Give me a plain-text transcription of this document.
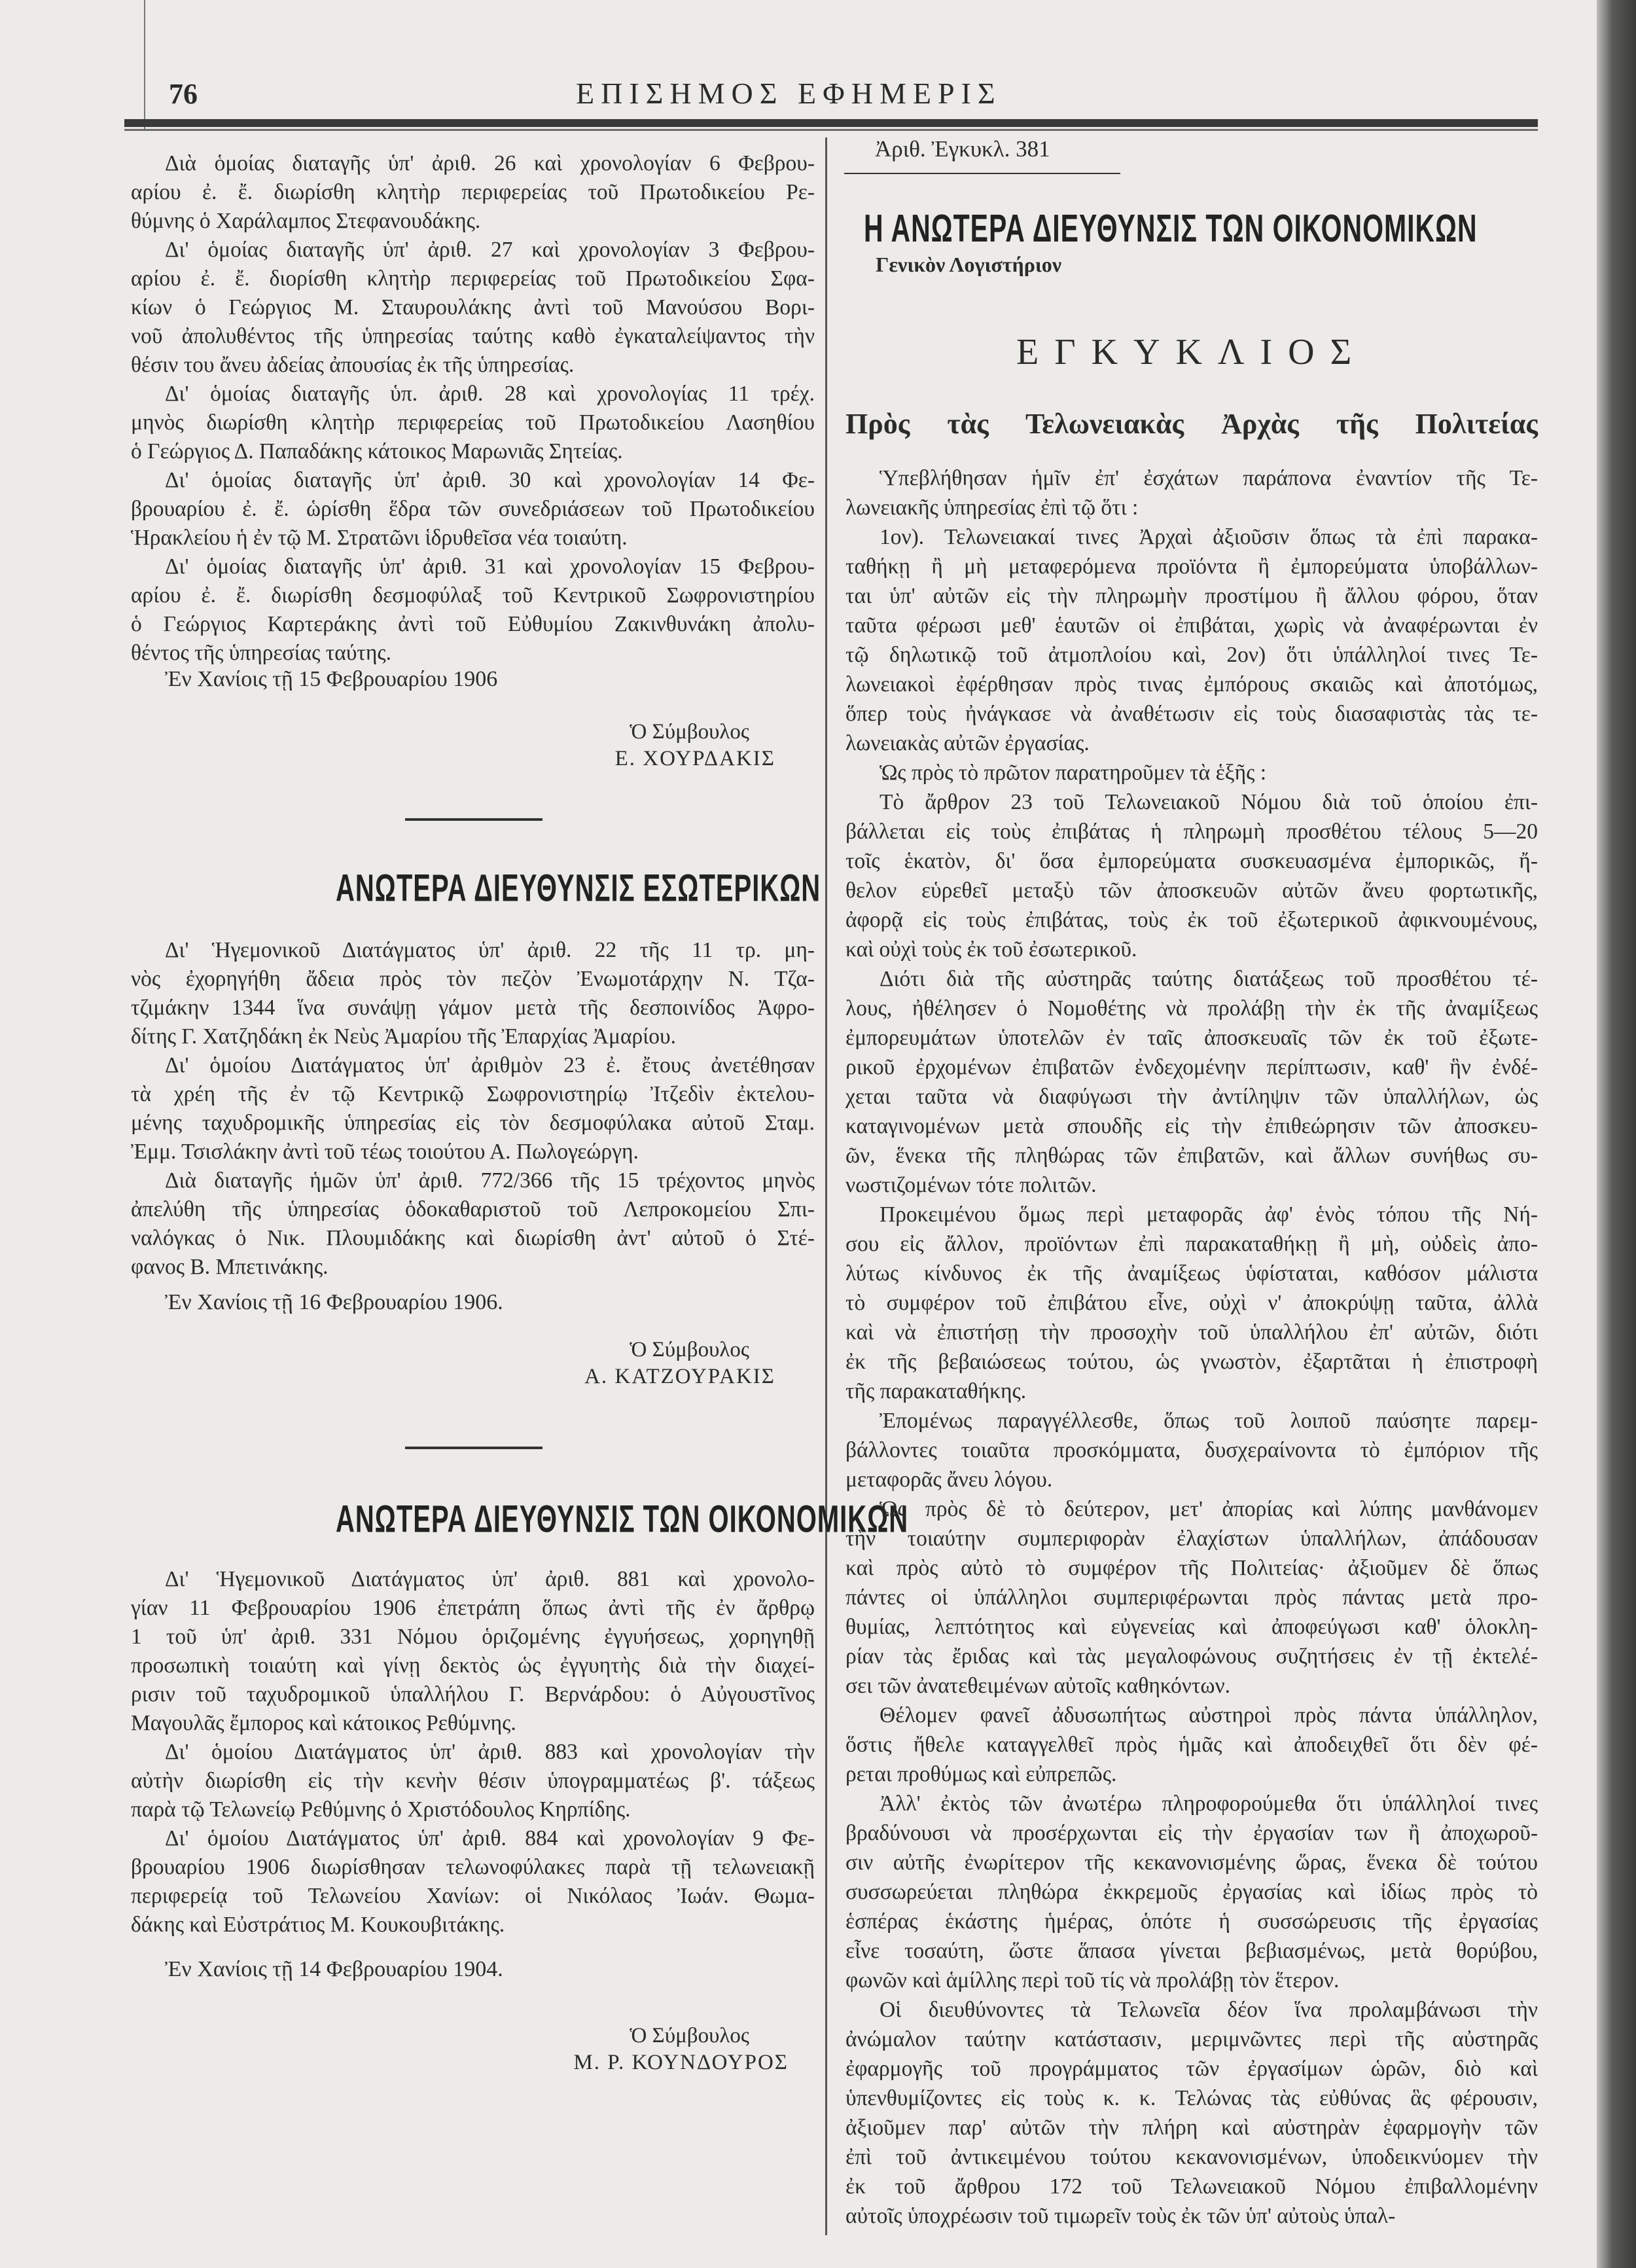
76	ΕΠΙΣΗΜΟΣ ΕΦΗΜΕΡΙΣ
Διὰ ὁμοίας διαταγῆς ὑπ' ἀριθ. 26 καὶ χρονολογίαν 6 Φεβρου-
αρίου ἐ. ἔ. διωρίσθη κλητὴρ περιφερείας τοῦ Πρωτοδικείου Ρε-
θύμνης ὁ Χαράλαμπος Στεφανουδάκης.
Δι' ὁμοίας διαταγῆς ὑπ' ἀριθ. 27 καὶ χρονολογίαν 3 Φεβρου-
αρίου ἐ. ἔ. διορίσθη κλητὴρ περιφερείας τοῦ Πρωτοδικείου Σφα-
κίων ὁ Γεώργιος Μ. Σταυρουλάκης ἀντὶ τοῦ Μανούσου Βορι-
νοῦ ἀπολυθέντος τῆς ὑπηρεσίας ταύτης καθὸ ἐγκαταλείψαντος τὴν
θέσιν του ἄνευ ἀδείας ἀπουσίας ἐκ τῆς ὑπηρεσίας.
Δι' ὁμοίας διαταγῆς ὑπ. ἀριθ. 28 καὶ χρονολογίας 11 τρέχ.
μηνὸς διωρίσθη κλητὴρ περιφερείας τοῦ Πρωτοδικείου Λασηθίου
ὁ Γεώργιος Δ. Παπαδάκης κάτοικος Μαρωνιᾶς Σητείας.
Δι' ὁμοίας διαταγῆς ὑπ' ἀριθ. 30 καὶ χρονολογίαν 14 Φε-
βρουαρίου ἐ. ἔ. ὡρίσθη ἕδρα τῶν συνεδριάσεων τοῦ Πρωτοδικείου
Ἡρακλείου ἡ ἐν τῷ Μ. Στρατῶνι ἱδρυθεῖσα νέα τοιαύτη.
Δι' ὁμοίας διαταγῆς ὑπ' ἀριθ. 31 καὶ χρονολογίαν 15 Φεβρου-
αρίου ἐ. ἔ. διωρίσθη δεσμοφύλαξ τοῦ Κεντρικοῦ Σωφρονιστηρίου
ὁ Γεώργιος Καρτεράκης ἀντὶ τοῦ Εὐθυμίου Ζακινθυνάκη ἀπολυ-
θέντος τῆς ὑπηρεσίας ταύτης.
Ἐν Χανίοις τῇ 15 Φεβρουαρίου 1906
Ὁ Σύμβουλος
Ε. ΧΟΥΡΔΑΚΙΣ
ΑΝΩΤΕΡΑ ΔΙΕΥΘΥΝΣΙΣ ΕΣΩΤΕΡΙΚΩΝ
Δι' Ἡγεμονικοῦ Διατάγματος ὑπ' ἀριθ. 22 τῆς 11 τρ. μη-
νὸς ἐχορηγήθη ἄδεια πρὸς τὸν πεζὸν Ἐνωμοτάρχην Ν. Τζα-
τζιμάκην 1344 ἵνα συνάψῃ γάμον μετὰ τῆς δεσποινίδος Ἀφρο-
δίτης Γ. Χατζηδάκη ἐκ Νεὺς Ἀμαρίου τῆς Ἐπαρχίας Ἀμαρίου.
Δι' ὁμοίου Διατάγματος ὑπ' ἀριθμὸν 23 ἐ. ἔτους ἀνετέθησαν
τὰ χρέη τῆς ἐν τῷ Κεντρικῷ Σωφρονιστηρίῳ Ἰτζεδὶν ἐκτελου-
μένης ταχυδρομικῆς ὑπηρεσίας εἰς τὸν δεσμοφύλακα αὐτοῦ Σταμ.
Ἐμμ. Τσισλάκην ἀντὶ τοῦ τέως τοιούτου Α. Πωλογεώργη.
Διὰ διαταγῆς ἡμῶν ὑπ' ἀριθ. 772/366 τῆς 15 τρέχοντος μηνὸς
ἀπελύθη τῆς ὑπηρεσίας ὁδοκαθαριστοῦ τοῦ Λεπροκομείου Σπι-
ναλόγκας ὁ Νικ. Πλουμιδάκης καὶ διωρίσθη ἀντ' αὐτοῦ ὁ Στέ-
φανος Β. Μπετινάκης.
Ἐν Χανίοις τῇ 16 Φεβρουαρίου 1906.
Ὁ Σύμβουλος
Α. ΚΑΤΖΟΥΡΑΚΙΣ
ΑΝΩΤΕΡΑ ΔΙΕΥΘΥΝΣΙΣ ΤΩΝ ΟΙΚΟΝΟΜΙΚΩΝ
Δι' Ἡγεμονικοῦ Διατάγματος ὑπ' ἀριθ. 881 καὶ χρονολο-
γίαν 11 Φεβρουαρίου 1906 ἐπετράπη ὅπως ἀντὶ τῆς ἐν ἄρθρῳ
1 τοῦ ὑπ' ἀριθ. 331 Νόμου ὁριζομένης ἐγγυήσεως, χορηγηθῇ
προσωπικὴ τοιαύτη καὶ γίνῃ δεκτὸς ὡς ἐγγυητὴς διὰ τὴν διαχεί-
ρισιν τοῦ ταχυδρομικοῦ ὑπαλλήλου Γ. Βερνάρδου: ὁ Αὐγουστῖνος
Μαγουλᾶς ἔμπορος καὶ κάτοικος Ρεθύμνης.
Δι' ὁμοίου Διατάγματος ὑπ' ἀριθ. 883 καὶ χρονολογίαν τὴν
αὐτὴν διωρίσθη εἰς τὴν κενὴν θέσιν ὑπογραμματέως β'. τάξεως
παρὰ τῷ Τελωνείῳ Ρεθύμνης ὁ Χριστόδουλος Κηρπίδης.
Δι' ὁμοίου Διατάγματος ὑπ' ἀριθ. 884 καὶ χρονολογίαν 9 Φε-
βρουαρίου 1906 διωρίσθησαν τελωνοφύλακες παρὰ τῇ τελωνειακῇ
περιφερείᾳ τοῦ Τελωνείου Χανίων: οἱ Νικόλαος Ἰωάν. Θωμα-
δάκης καὶ Εὐστράτιος Μ. Κουκουβιτάκης.
Ἐν Χανίοις τῇ 14 Φεβρουαρίου 1904.
Ὁ Σύμβουλος
Μ. Ρ. ΚΟΥΝΔΟΥΡΟΣ
Ἀριθ. Ἐγκυκλ. 381
Η ΑΝΩΤΕΡΑ ΔΙΕΥΘΥΝΣΙΣ ΤΩΝ ΟΙΚΟΝΟΜΙΚΩΝ
Γενικὸν Λογιστήριον
ΕΓΚΥΚΛΙΟΣ
Πρὸς τὰς Τελωνειακὰς Ἀρχὰς τῆς Πολιτείας
Ὑπεβλήθησαν ἡμῖν ἐπ' ἐσχάτων παράπονα ἐναντίον τῆς Τε-
λωνειακῆς ὑπηρεσίας ἐπὶ τῷ ὅτι :
1ον). Τελωνειακαί τινες Ἀρχαὶ ἀξιοῦσιν ὅπως τὰ ἐπὶ παρακα-
ταθήκῃ ἢ μὴ μεταφερόμενα προϊόντα ἢ ἐμπορεύματα ὑποβάλλων-
ται ὑπ' αὐτῶν εἰς τὴν πληρωμὴν προστίμου ἢ ἄλλου φόρου, ὅταν
ταῦτα φέρωσι μεθ' ἑαυτῶν οἱ ἐπιβάται, χωρὶς νὰ ἀναφέρωνται ἐν
τῷ δηλωτικῷ τοῦ ἀτμοπλοίου καὶ, 2ον) ὅτι ὑπάλληλοί τινες Τε-
λωνειακοὶ ἐφέρθησαν πρὸς τινας ἐμπόρους σκαιῶς καὶ ἀποτόμως,
ὅπερ τοὺς ἠνάγκασε νὰ ἀναθέτωσιν εἰς τοὺς διασαφιστὰς τὰς τε-
λωνειακὰς αὐτῶν ἐργασίας.
Ὡς πρὸς τὸ πρῶτον παρατηροῦμεν τὰ ἑξῆς :
Τὸ ἄρθρον 23 τοῦ Τελωνειακοῦ Νόμου διὰ τοῦ ὁποίου ἐπι-
βάλλεται εἰς τοὺς ἐπιβάτας ἡ πληρωμὴ προσθέτου τέλους 5—20
τοῖς ἑκατὸν, δι' ὅσα ἐμπορεύματα συσκευασμένα ἐμπορικῶς, ἤ-
θελον εὑρεθεῖ μεταξὺ τῶν ἀποσκευῶν αὐτῶν ἄνευ φορτωτικῆς,
ἀφορᾷ εἰς τοὺς ἐπιβάτας, τοὺς ἐκ τοῦ ἐξωτερικοῦ ἀφικνουμένους,
καὶ οὐχὶ τοὺς ἐκ τοῦ ἐσωτερικοῦ.
Διότι διὰ τῆς αὐστηρᾶς ταύτης διατάξεως τοῦ προσθέτου τέ-
λους, ἠθέλησεν ὁ Νομοθέτης νὰ προλάβῃ τὴν ἐκ τῆς ἀναμίξεως
ἐμπορευμάτων ὑποτελῶν ἐν ταῖς ἀποσκευαῖς τῶν ἐκ τοῦ ἐξωτε-
ρικοῦ ἐρχομένων ἐπιβατῶν ἐνδεχομένην περίπτωσιν, καθ' ἣν ἐνδέ-
χεται ταῦτα νὰ διαφύγωσι τὴν ἀντίληψιν τῶν ὑπαλλήλων, ὡς
καταγινομένων μετὰ σπουδῆς εἰς τὴν ἐπιθεώρησιν τῶν ἀποσκευ-
ῶν, ἕνεκα τῆς πληθώρας τῶν ἐπιβατῶν, καὶ ἄλλων συνήθως συ-
νωστιζομένων τότε πολιτῶν.
Προκειμένου ὅμως περὶ μεταφορᾶς ἀφ' ἑνὸς τόπου τῆς Νή-
σου εἰς ἄλλον, προϊόντων ἐπὶ παρακαταθήκῃ ἢ μὴ, οὐδεὶς ἀπο-
λύτως κίνδυνος ἐκ τῆς ἀναμίξεως ὑφίσταται, καθόσον μάλιστα
τὸ συμφέρον τοῦ ἐπιβάτου εἶνε, οὐχὶ ν' ἀποκρύψῃ ταῦτα, ἀλλὰ
καὶ νὰ ἐπιστήσῃ τὴν προσοχὴν τοῦ ὑπαλλήλου ἐπ' αὐτῶν, διότι
ἐκ τῆς βεβαιώσεως τούτου, ὡς γνωστὸν, ἐξαρτᾶται ἡ ἐπιστροφὴ
τῆς παρακαταθήκης.
Ἐπομένως παραγγέλλεσθε, ὅπως τοῦ λοιποῦ παύσητε παρεμ-
βάλλοντες τοιαῦτα προσκόμματα, δυσχεραίνοντα τὸ ἐμπόριον τῆς
μεταφορᾶς ἄνευ λόγου.
Ὡς πρὸς δὲ τὸ δεύτερον, μετ' ἀπορίας καὶ λύπης μανθάνομεν
τὴν τοιαύτην συμπεριφορὰν ἐλαχίστων ὑπαλλήλων, ἀπάδουσαν
καὶ πρὸς αὐτὸ τὸ συμφέρον τῆς Πολιτείας· ἀξιοῦμεν δὲ ὅπως
πάντες οἱ ὑπάλληλοι συμπεριφέρωνται πρὸς πάντας μετὰ προ-
θυμίας, λεπτότητος καὶ εὐγενείας καὶ ἀποφεύγωσι καθ' ὁλοκλη-
ρίαν τὰς ἔριδας καὶ τὰς μεγαλοφώνους συζητήσεις ἐν τῇ ἐκτελέ-
σει τῶν ἀνατεθειμένων αὐτοῖς καθηκόντων.
Θέλομεν φανεῖ ἀδυσωπήτως αὐστηροὶ πρὸς πάντα ὑπάλληλον,
ὅστις ἤθελε καταγγελθεῖ πρὸς ἡμᾶς καὶ ἀποδειχθεῖ ὅτι δὲν φέ-
ρεται προθύμως καὶ εὐπρεπῶς.
Ἀλλ' ἐκτὸς τῶν ἀνωτέρω πληροφορούμεθα ὅτι ὑπάλληλοί τινες
βραδύνουσι νὰ προσέρχωνται εἰς τὴν ἐργασίαν των ἢ ἀποχωροῦ-
σιν αὐτῆς ἐνωρίτερον τῆς κεκανονισμένης ὥρας, ἕνεκα δὲ τούτου
συσσωρεύεται πληθώρα ἐκκρεμοῦς ἐργασίας καὶ ἰδίως πρὸς τὸ
ἑσπέρας ἑκάστης ἡμέρας, ὁπότε ἡ συσσώρευσις τῆς ἐργασίας
εἶνε τοσαύτη, ὥστε ἅπασα γίνεται βεβιασμένως, μετὰ θορύβου,
φωνῶν καὶ ἁμίλλης περὶ τοῦ τίς νὰ προλάβῃ τὸν ἕτερον.
Οἱ διευθύνοντες τὰ Τελωνεῖα δέον ἵνα προλαμβάνωσι τὴν
ἀνώμαλον ταύτην κατάστασιν, μεριμνῶντες περὶ τῆς αὐστηρᾶς
ἐφαρμογῆς τοῦ προγράμματος τῶν ἐργασίμων ὡρῶν, διὸ καὶ
ὑπενθυμίζοντες εἰς τοὺς κ. κ. Τελώνας τὰς εὐθύνας ἃς φέρουσιν,
ἀξιοῦμεν παρ' αὐτῶν τὴν πλήρη καὶ αὐστηρὰν ἐφαρμογὴν τῶν
ἐπὶ τοῦ ἀντικειμένου τούτου κεκανονισμένων, ὑποδεικνύομεν τὴν
ἐκ τοῦ ἄρθρου 172 τοῦ Τελωνειακοῦ Νόμου ἐπιβαλλομένην
αὐτοῖς ὑποχρέωσιν τοῦ τιμωρεῖν τοὺς ἐκ τῶν ὑπ' αὐτοὺς ὑπαλ-
